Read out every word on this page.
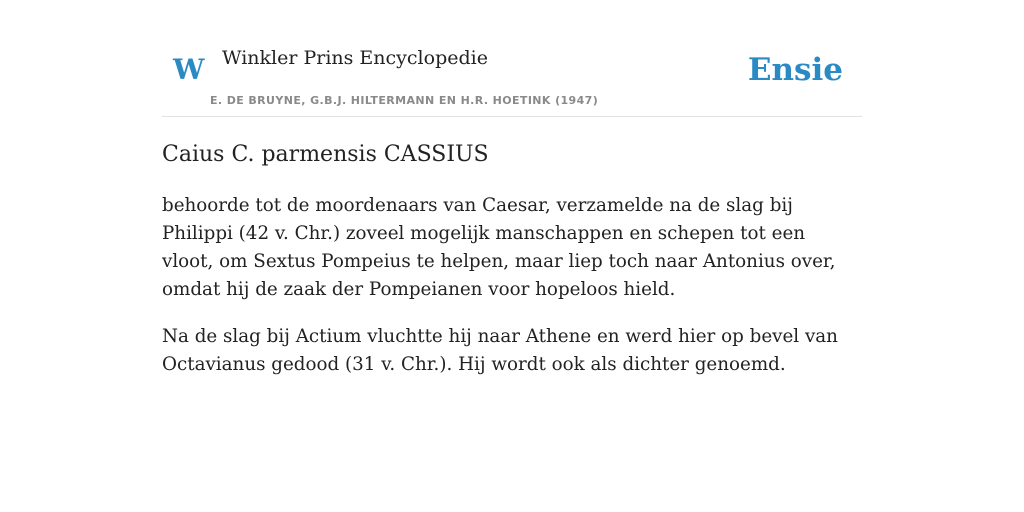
W Winkler Prins Encyclopedie
E. DE BRUYNE, G.B.J. HILTERMANN EN H.R. HOETINK (1947)
Ensie
Caius C. parmensis CASSIUS

behoorde tot de moordenaars van Caesar, verzamelde na de slag bij Philippi (42 v. Chr.) zoveel mogelijk manschappen en schepen tot een vloot, om Sextus Pompeius te helpen, maar liep toch naar Antonius over, omdat hij de zaak der Pompeianen voor hopeloos hield.

Na de slag bij Actium vluchtte hij naar Athene en werd hier op bevel van Octavianus gedood (31 v. Chr.). Hij wordt ook als dichter genoemd.
